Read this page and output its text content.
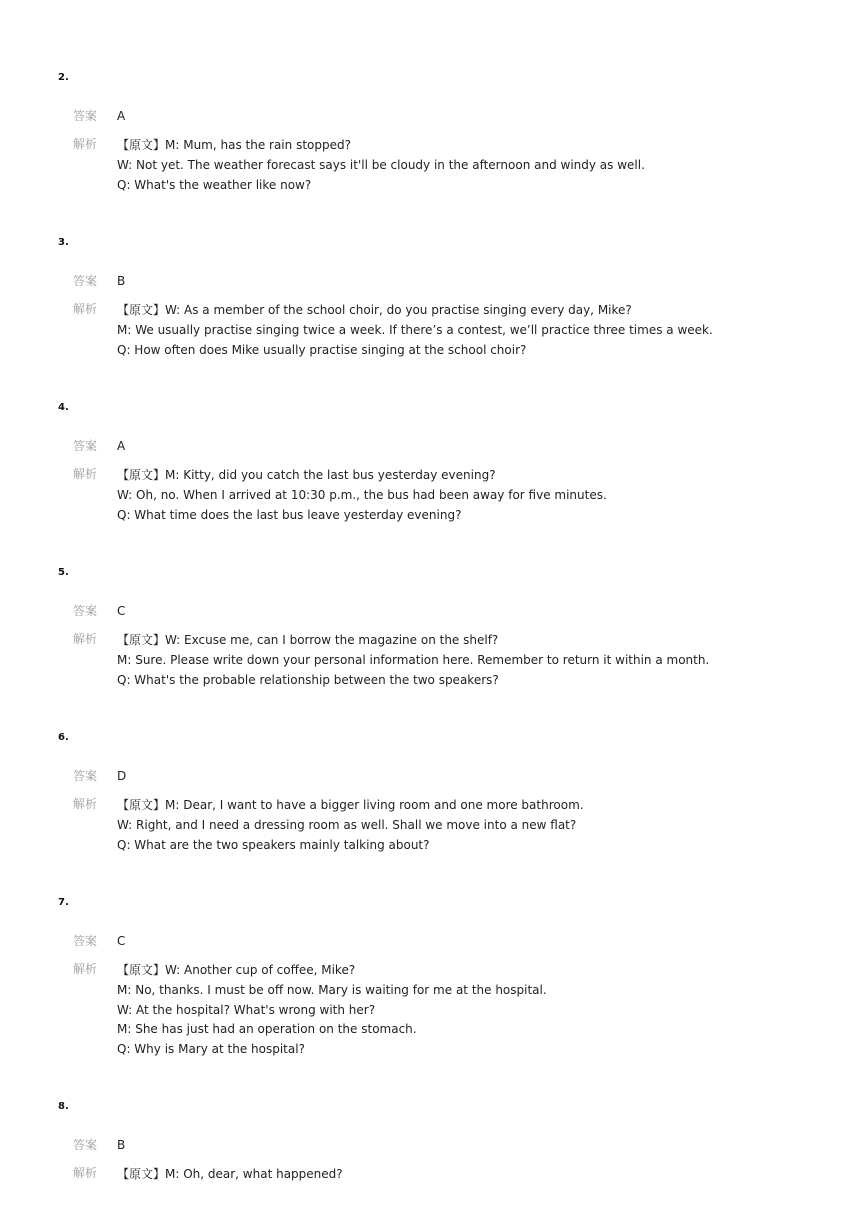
2.
答案 A
解析 【原文】M: Mum, has the rain stopped?
W: Not yet. The weather forecast says it'll be cloudy in the afternoon and windy as well.
Q: What's the weather like now?
3.
答案 B
解析 【原文】W: As a member of the school choir, do you practise singing every day, Mike?
M: We usually practise singing twice a week. If there’s a contest, we’ll practice three times a week.
Q: How often does Mike usually practise singing at the school choir?
4.
答案 A
解析 【原文】M: Kitty, did you catch the last bus yesterday evening?
W: Oh, no. When I arrived at 10:30 p.m., the bus had been away for five minutes.
Q: What time does the last bus leave yesterday evening?
5.
答案 C
解析 【原文】W: Excuse me, can I borrow the magazine on the shelf?
M: Sure. Please write down your personal information here. Remember to return it within a month.
Q: What's the probable relationship between the two speakers?
6.
答案 D
解析 【原文】M: Dear, I want to have a bigger living room and one more bathroom.
W: Right, and I need a dressing room as well. Shall we move into a new flat?
Q: What are the two speakers mainly talking about?
7.
答案 C
解析 【原文】W: Another cup of coffee, Mike?
M: No, thanks. I must be off now. Mary is waiting for me at the hospital.
W: At the hospital? What's wrong with her?
M: She has just had an operation on the stomach.
Q: Why is Mary at the hospital?
8.
答案 B
解析 【原文】M: Oh, dear, what happened?
